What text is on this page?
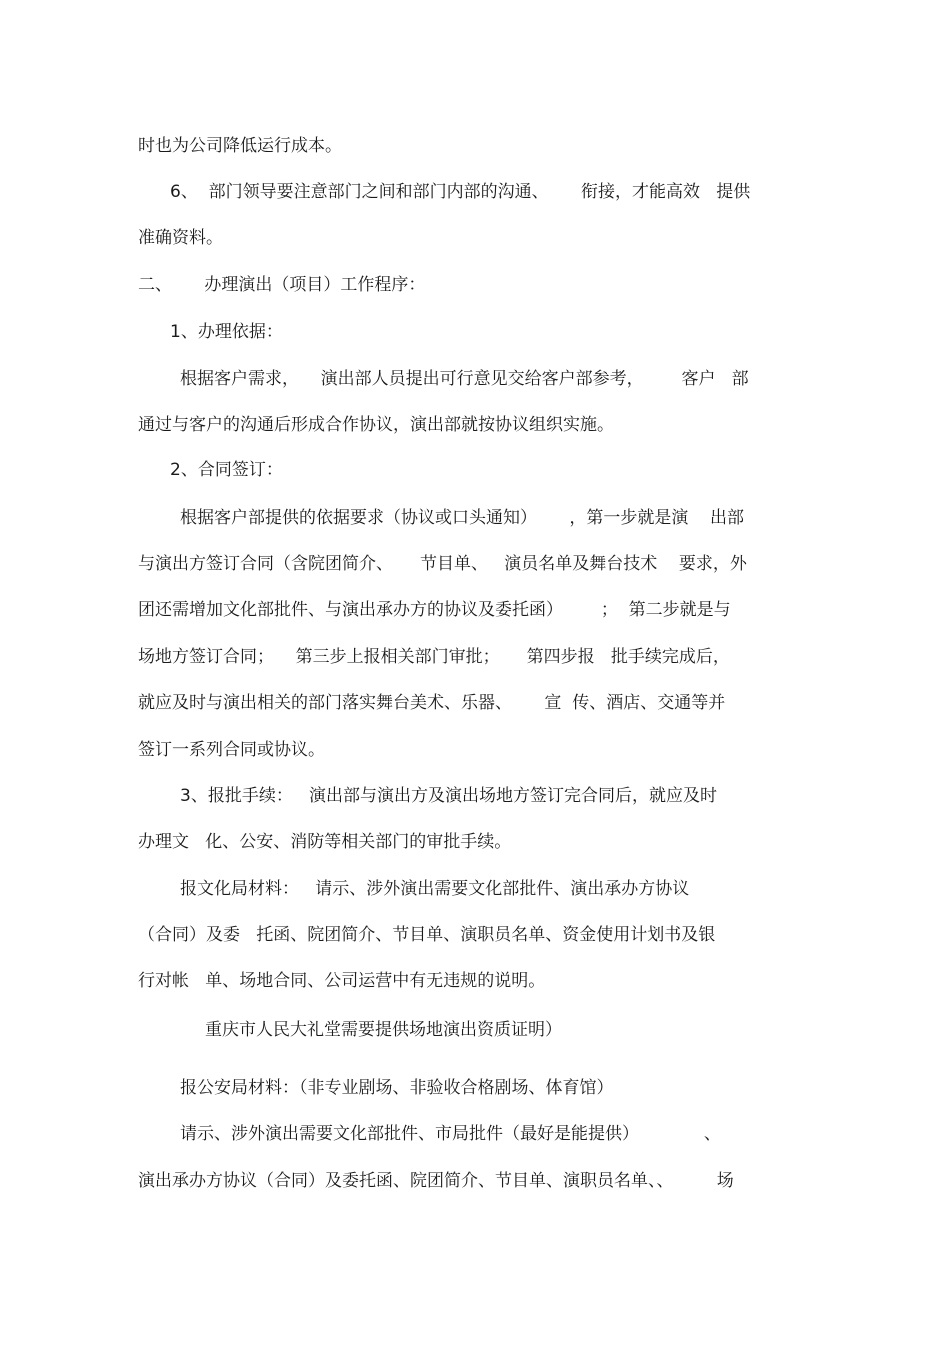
时也为公司降低运行成本。
6、  部门领导要注意部门之间和部门内部的沟通、      衔接，才能高效   提供
准确资料。
二、      办理演出（项目）工作程序：
1、办理依据：
根据客户需求，    演出部人员提出可行意见交给客户部参考，       客户   部
通过与客户的沟通后形成合作协议，演出部就按协议组织实施。
2、合同签订：
根据客户部提供的依据要求（协议或口头通知）      ，第一步就是演    出部
与演出方签订合同（含院团简介、     节目单、   演员名单及舞台技术    要求，外
团还需增加文化部批件、与演出承办方的协议及委托函）       ；  第二步就是与
场地方签订合同；    第三步上报相关部门审批；     第四步报   批手续完成后，
就应及时与演出相关的部门落实舞台美术、乐器、      宣  传、酒店、交通等并
签订一系列合同或协议。
3、报批手续：   演出部与演出方及演出场地方签订完合同后，就应及时
办理文   化、公安、消防等相关部门的审批手续。
报文化局材料：   请示、涉外演出需要文化部批件、演出承办方协议
（合同）及委   托函、院团简介、节目单、演职员名单、资金使用计划书及银
行对帐   单、场地合同、公司运营中有无违规的说明。
重庆市人民大礼堂需要提供场地演出资质证明）
报公安局材料：（非专业剧场、非验收合格剧场、体育馆）
请示、涉外演出需要文化部批件、市局批件（最好是能提供）            、
演出承办方协议（合同）及委托函、院团简介、节目单、演职员名单、、        场
